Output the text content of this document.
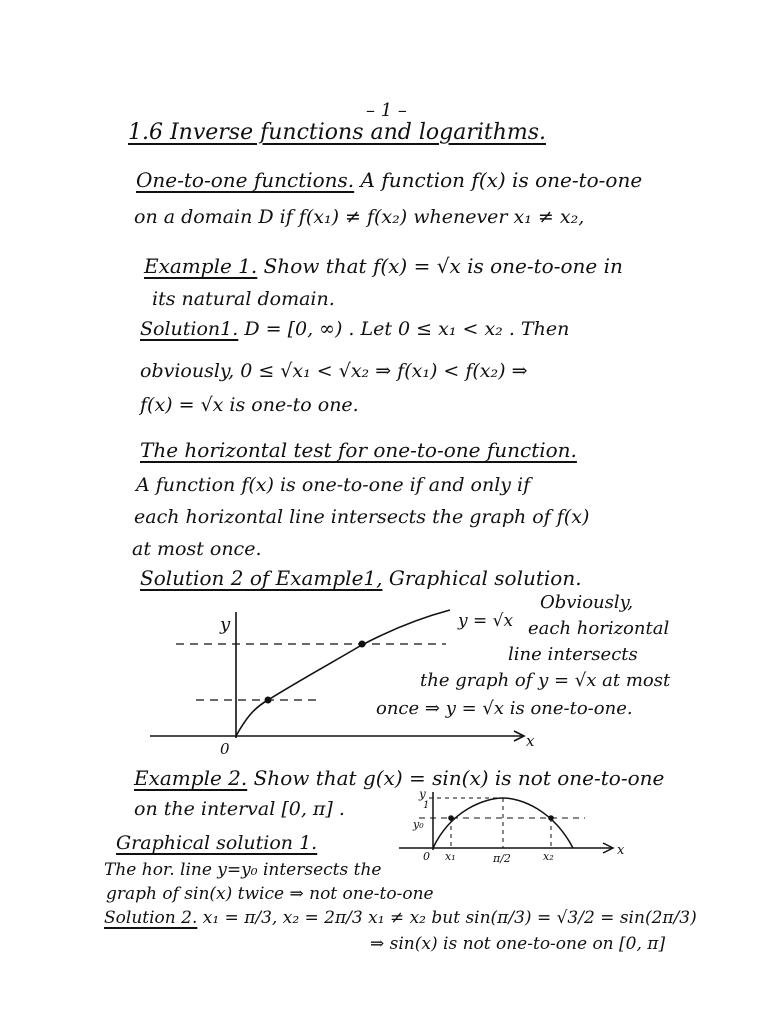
– 1 –
1.6 Inverse functions and logarithms.
One-to-one functions. A function f(x) is one-to-one
on a domain D if f(x₁) ≠ f(x₂) whenever x₁ ≠ x₂,
Example 1. Show that f(x) = √x is one-to-one in
its natural domain.
Solution1. D = [0, ∞) . Let 0 ≤ x₁ < x₂ . Then
obviously, 0 ≤ √x₁ < √x₂ ⇒ f(x₁) < f(x₂) ⇒
f(x) = √x is one-to one.
The horizontal test for one-to-one function.
A function f(x) is one-to-one if and only if
each horizontal line intersects the graph of f(x)
at most once.
Solution 2 of Example1, Graphical solution.
y
0	x
y = √x
Obviously,
each horizontal
line intersects
the graph of y = √x at most
once ⇒ y = √x is one-to-one.
Example 2. Show that g(x) = sin(x) is not one-to-one
on the interval [0, π] .
Graphical solution 1.
y
1
y₀
0 x₁	π/2	x₂	x
The hor. line y=y₀ intersects the
graph of sin(x) twice ⇒ not one-to-one
Solution 2. x₁ = π/3, x₂ = 2π/3 x₁ ≠ x₂ but sin(π/3) = √3/2 = sin(2π/3)
⇒ sin(x) is not one-to-one on [0, π]
